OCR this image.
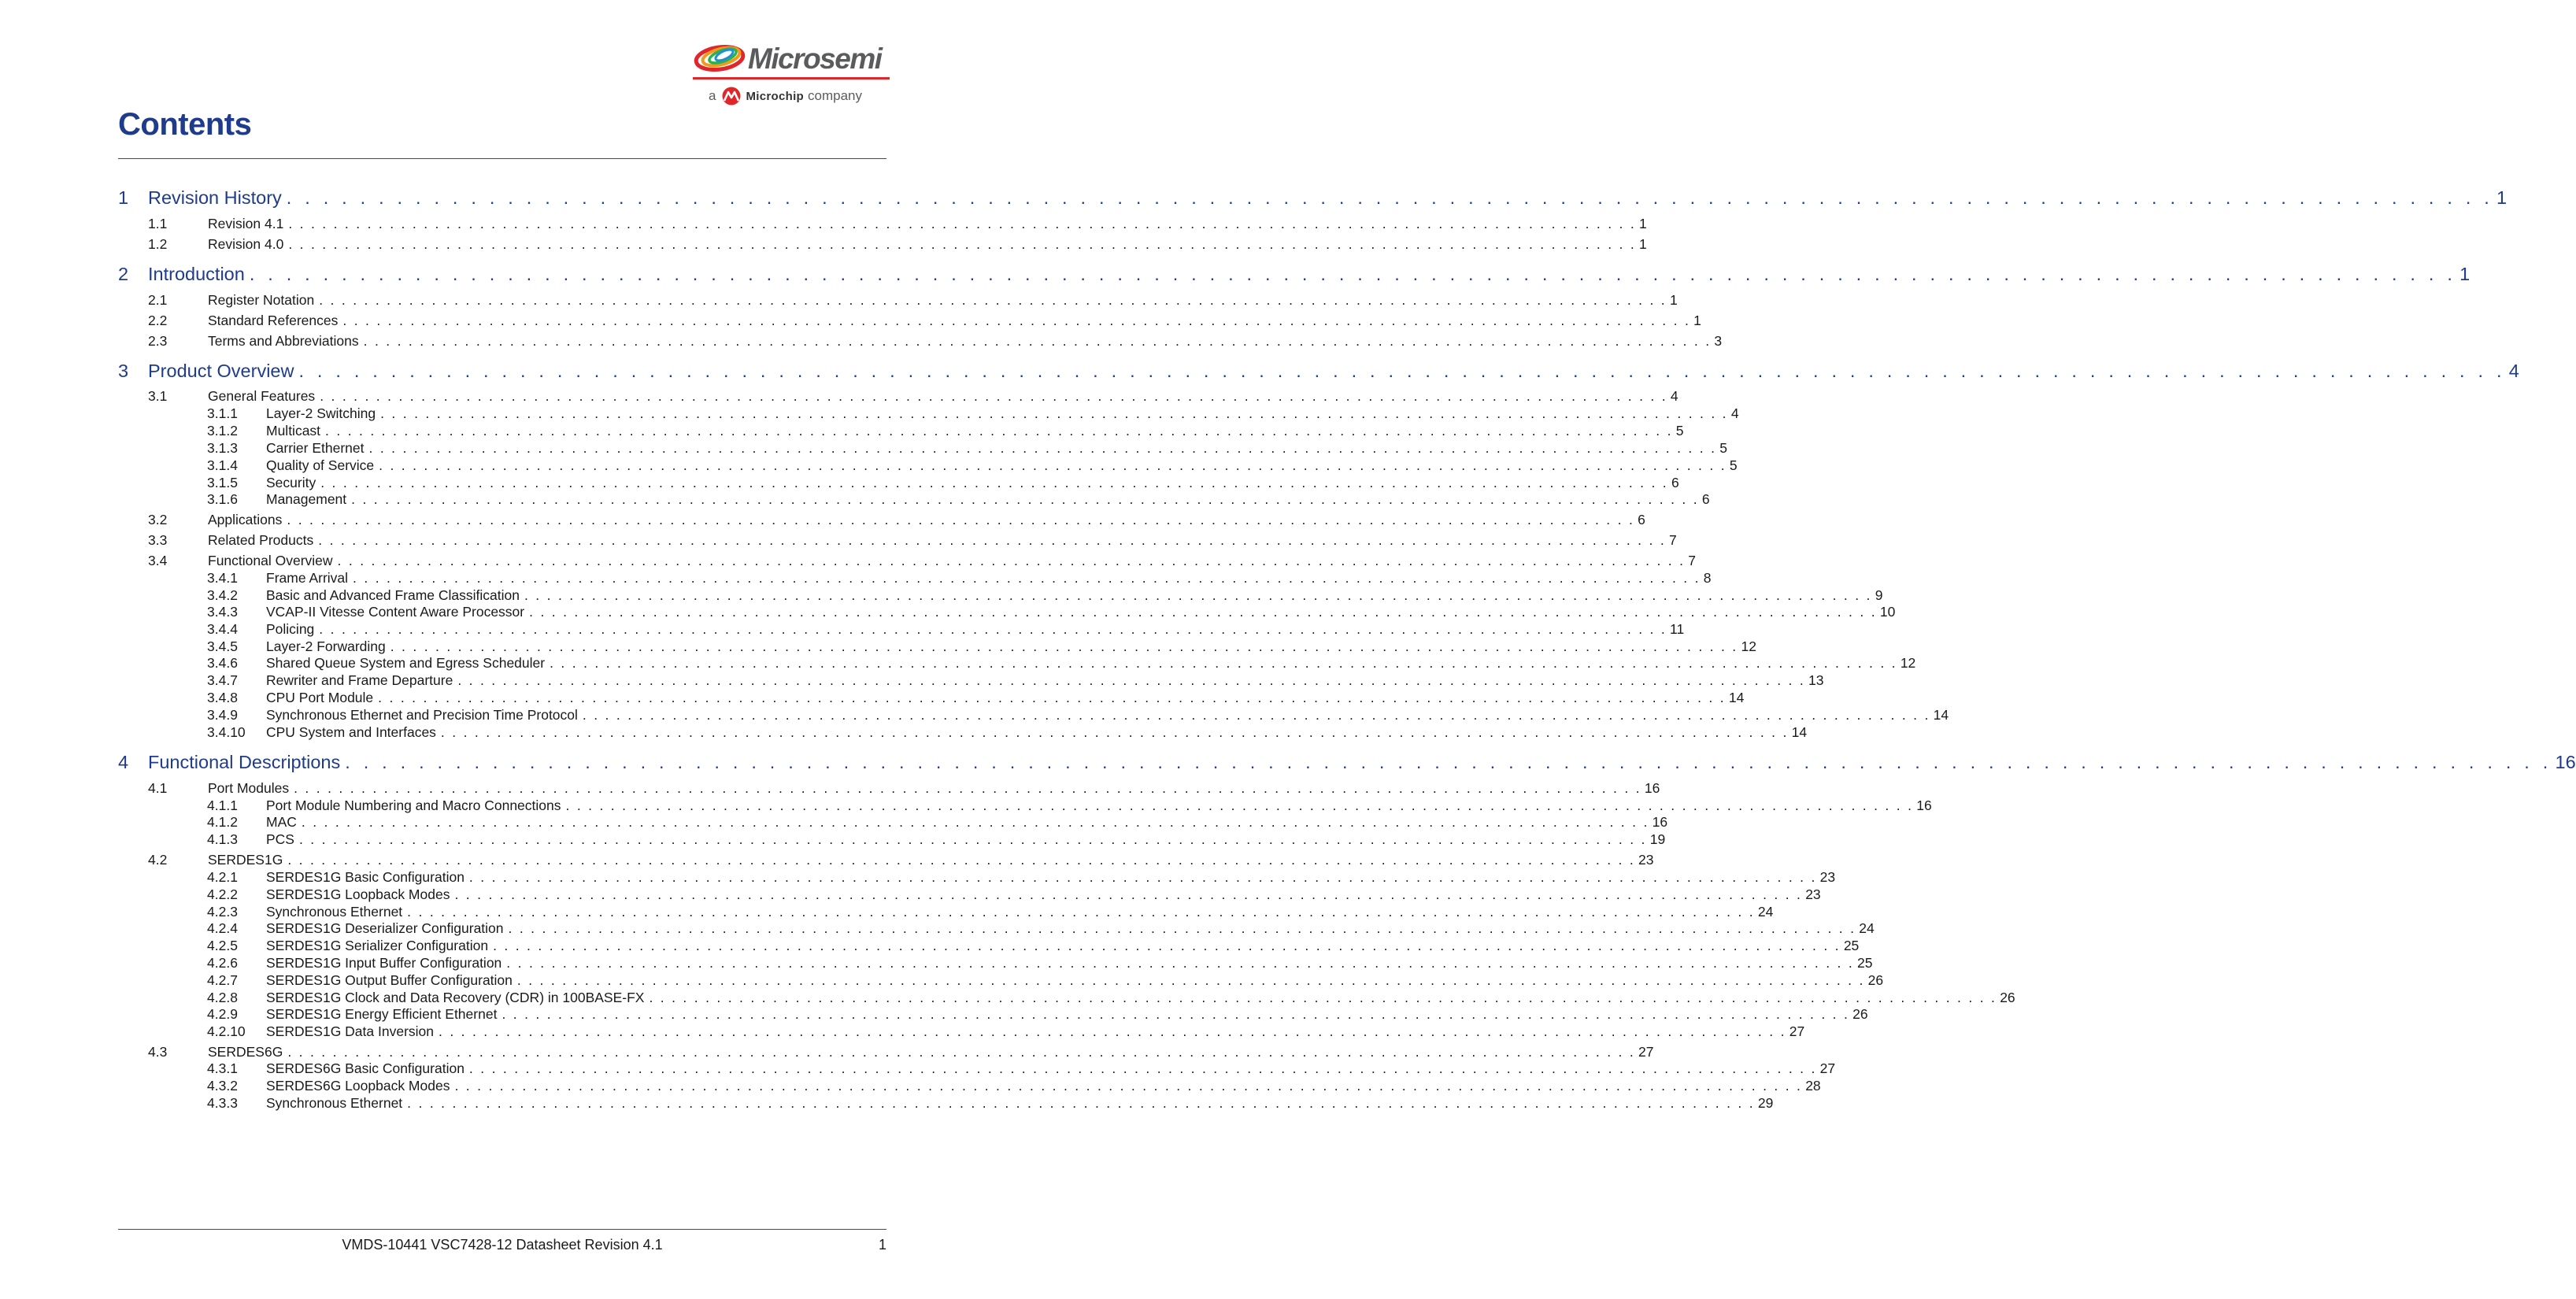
Microsemi
a	Microchip company
Contents
1	Revision History . . . . . . . . . . . . . . . . . . . . . . . . . . . . . . . . . . . . . . . . . . . . . . . . . . . . . . . . . . . . . . . . . . . . . . . . . . . . . . . . . . . . . . . . . . . . . . . . . . . . . . . . . . . . . . . . . . . . . . . . 1
1.1	Revision 4.1 . . . . . . . . . . . . . . . . . . . . . . . . . . . . . . . . . . . . . . . . . . . . . . . . . . . . . . . . . . . . . . . . . . . . . . . . . . . . . . . . . . . . . . . . . . . . . . . . . . . . . . . . . . . . . . . . . . . . . . . . 1
1.2	Revision 4.0 . . . . . . . . . . . . . . . . . . . . . . . . . . . . . . . . . . . . . . . . . . . . . . . . . . . . . . . . . . . . . . . . . . . . . . . . . . . . . . . . . . . . . . . . . . . . . . . . . . . . . . . . . . . . . . . . . . . . . . . . 1
2	Introduction . . . . . . . . . . . . . . . . . . . . . . . . . . . . . . . . . . . . . . . . . . . . . . . . . . . . . . . . . . . . . . . . . . . . . . . . . . . . . . . . . . . . . . . . . . . . . . . . . . . . . . . . . . . . . . . . . . . . . . . . 1
2.1	Register Notation . . . . . . . . . . . . . . . . . . . . . . . . . . . . . . . . . . . . . . . . . . . . . . . . . . . . . . . . . . . . . . . . . . . . . . . . . . . . . . . . . . . . . . . . . . . . . . . . . . . . . . . . . . . . . . . . . . . . . . . . 1
2.2	Standard References . . . . . . . . . . . . . . . . . . . . . . . . . . . . . . . . . . . . . . . . . . . . . . . . . . . . . . . . . . . . . . . . . . . . . . . . . . . . . . . . . . . . . . . . . . . . . . . . . . . . . . . . . . . . . . . . . . . . . . . . 1
2.3	Terms and Abbreviations . . . . . . . . . . . . . . . . . . . . . . . . . . . . . . . . . . . . . . . . . . . . . . . . . . . . . . . . . . . . . . . . . . . . . . . . . . . . . . . . . . . . . . . . . . . . . . . . . . . . . . . . . . . . . . . . . . . . . . . . 3
3	Product Overview . . . . . . . . . . . . . . . . . . . . . . . . . . . . . . . . . . . . . . . . . . . . . . . . . . . . . . . . . . . . . . . . . . . . . . . . . . . . . . . . . . . . . . . . . . . . . . . . . . . . . . . . . . . . . . . . . . . . . . . . 4
3.1	General Features . . . . . . . . . . . . . . . . . . . . . . . . . . . . . . . . . . . . . . . . . . . . . . . . . . . . . . . . . . . . . . . . . . . . . . . . . . . . . . . . . . . . . . . . . . . . . . . . . . . . . . . . . . . . . . . . . . . . . . . . 4
3.1.1	Layer-2 Switching . . . . . . . . . . . . . . . . . . . . . . . . . . . . . . . . . . . . . . . . . . . . . . . . . . . . . . . . . . . . . . . . . . . . . . . . . . . . . . . . . . . . . . . . . . . . . . . . . . . . . . . . . . . . . . . . . . . . . . . . 4
3.1.2	Multicast . . . . . . . . . . . . . . . . . . . . . . . . . . . . . . . . . . . . . . . . . . . . . . . . . . . . . . . . . . . . . . . . . . . . . . . . . . . . . . . . . . . . . . . . . . . . . . . . . . . . . . . . . . . . . . . . . . . . . . . . 5
3.1.3	Carrier Ethernet . . . . . . . . . . . . . . . . . . . . . . . . . . . . . . . . . . . . . . . . . . . . . . . . . . . . . . . . . . . . . . . . . . . . . . . . . . . . . . . . . . . . . . . . . . . . . . . . . . . . . . . . . . . . . . . . . . . . . . . . 5
3.1.4	Quality of Service . . . . . . . . . . . . . . . . . . . . . . . . . . . . . . . . . . . . . . . . . . . . . . . . . . . . . . . . . . . . . . . . . . . . . . . . . . . . . . . . . . . . . . . . . . . . . . . . . . . . . . . . . . . . . . . . . . . . . . . . 5
3.1.5	Security . . . . . . . . . . . . . . . . . . . . . . . . . . . . . . . . . . . . . . . . . . . . . . . . . . . . . . . . . . . . . . . . . . . . . . . . . . . . . . . . . . . . . . . . . . . . . . . . . . . . . . . . . . . . . . . . . . . . . . . . 6
3.1.6	Management . . . . . . . . . . . . . . . . . . . . . . . . . . . . . . . . . . . . . . . . . . . . . . . . . . . . . . . . . . . . . . . . . . . . . . . . . . . . . . . . . . . . . . . . . . . . . . . . . . . . . . . . . . . . . . . . . . . . . . . . 6
3.2	Applications . . . . . . . . . . . . . . . . . . . . . . . . . . . . . . . . . . . . . . . . . . . . . . . . . . . . . . . . . . . . . . . . . . . . . . . . . . . . . . . . . . . . . . . . . . . . . . . . . . . . . . . . . . . . . . . . . . . . . . . . 6
3.3	Related Products . . . . . . . . . . . . . . . . . . . . . . . . . . . . . . . . . . . . . . . . . . . . . . . . . . . . . . . . . . . . . . . . . . . . . . . . . . . . . . . . . . . . . . . . . . . . . . . . . . . . . . . . . . . . . . . . . . . . . . . . 7
3.4	Functional Overview . . . . . . . . . . . . . . . . . . . . . . . . . . . . . . . . . . . . . . . . . . . . . . . . . . . . . . . . . . . . . . . . . . . . . . . . . . . . . . . . . . . . . . . . . . . . . . . . . . . . . . . . . . . . . . . . . . . . . . . . 7
3.4.1	Frame Arrival . . . . . . . . . . . . . . . . . . . . . . . . . . . . . . . . . . . . . . . . . . . . . . . . . . . . . . . . . . . . . . . . . . . . . . . . . . . . . . . . . . . . . . . . . . . . . . . . . . . . . . . . . . . . . . . . . . . . . . . . 8
3.4.2	Basic and Advanced Frame Classification . . . . . . . . . . . . . . . . . . . . . . . . . . . . . . . . . . . . . . . . . . . . . . . . . . . . . . . . . . . . . . . . . . . . . . . . . . . . . . . . . . . . . . . . . . . . . . . . . . . . . . . . . . . . . . . . . . . . . . . . 9
3.4.3	VCAP-II Vitesse Content Aware Processor . . . . . . . . . . . . . . . . . . . . . . . . . . . . . . . . . . . . . . . . . . . . . . . . . . . . . . . . . . . . . . . . . . . . . . . . . . . . . . . . . . . . . . . . . . . . . . . . . . . . . . . . . . . . . . . . . . . . . . . . 10
3.4.4	Policing . . . . . . . . . . . . . . . . . . . . . . . . . . . . . . . . . . . . . . . . . . . . . . . . . . . . . . . . . . . . . . . . . . . . . . . . . . . . . . . . . . . . . . . . . . . . . . . . . . . . . . . . . . . . . . . . . . . . . . . . 11
3.4.5	Layer-2 Forwarding . . . . . . . . . . . . . . . . . . . . . . . . . . . . . . . . . . . . . . . . . . . . . . . . . . . . . . . . . . . . . . . . . . . . . . . . . . . . . . . . . . . . . . . . . . . . . . . . . . . . . . . . . . . . . . . . . . . . . . . . 12
3.4.6	Shared Queue System and Egress Scheduler . . . . . . . . . . . . . . . . . . . . . . . . . . . . . . . . . . . . . . . . . . . . . . . . . . . . . . . . . . . . . . . . . . . . . . . . . . . . . . . . . . . . . . . . . . . . . . . . . . . . . . . . . . . . . . . . . . . . . . . . 12
3.4.7	Rewriter and Frame Departure . . . . . . . . . . . . . . . . . . . . . . . . . . . . . . . . . . . . . . . . . . . . . . . . . . . . . . . . . . . . . . . . . . . . . . . . . . . . . . . . . . . . . . . . . . . . . . . . . . . . . . . . . . . . . . . . . . . . . . . . 13
3.4.8	CPU Port Module . . . . . . . . . . . . . . . . . . . . . . . . . . . . . . . . . . . . . . . . . . . . . . . . . . . . . . . . . . . . . . . . . . . . . . . . . . . . . . . . . . . . . . . . . . . . . . . . . . . . . . . . . . . . . . . . . . . . . . . . 14
3.4.9	Synchronous Ethernet and Precision Time Protocol . . . . . . . . . . . . . . . . . . . . . . . . . . . . . . . . . . . . . . . . . . . . . . . . . . . . . . . . . . . . . . . . . . . . . . . . . . . . . . . . . . . . . . . . . . . . . . . . . . . . . . . . . . . . . . . . . . . . . . . . 14
3.4.10	CPU System and Interfaces . . . . . . . . . . . . . . . . . . . . . . . . . . . . . . . . . . . . . . . . . . . . . . . . . . . . . . . . . . . . . . . . . . . . . . . . . . . . . . . . . . . . . . . . . . . . . . . . . . . . . . . . . . . . . . . . . . . . . . . . 14
4	Functional Descriptions . . . . . . . . . . . . . . . . . . . . . . . . . . . . . . . . . . . . . . . . . . . . . . . . . . . . . . . . . . . . . . . . . . . . . . . . . . . . . . . . . . . . . . . . . . . . . . . . . . . . . . . . . . . . . . . . . . . . . . . . 16
4.1	Port Modules . . . . . . . . . . . . . . . . . . . . . . . . . . . . . . . . . . . . . . . . . . . . . . . . . . . . . . . . . . . . . . . . . . . . . . . . . . . . . . . . . . . . . . . . . . . . . . . . . . . . . . . . . . . . . . . . . . . . . . . . 16
4.1.1	Port Module Numbering and Macro Connections . . . . . . . . . . . . . . . . . . . . . . . . . . . . . . . . . . . . . . . . . . . . . . . . . . . . . . . . . . . . . . . . . . . . . . . . . . . . . . . . . . . . . . . . . . . . . . . . . . . . . . . . . . . . . . . . . . . . . . . . 16
4.1.2	MAC . . . . . . . . . . . . . . . . . . . . . . . . . . . . . . . . . . . . . . . . . . . . . . . . . . . . . . . . . . . . . . . . . . . . . . . . . . . . . . . . . . . . . . . . . . . . . . . . . . . . . . . . . . . . . . . . . . . . . . . . 16
4.1.3	PCS . . . . . . . . . . . . . . . . . . . . . . . . . . . . . . . . . . . . . . . . . . . . . . . . . . . . . . . . . . . . . . . . . . . . . . . . . . . . . . . . . . . . . . . . . . . . . . . . . . . . . . . . . . . . . . . . . . . . . . . . 19
4.2	SERDES1G . . . . . . . . . . . . . . . . . . . . . . . . . . . . . . . . . . . . . . . . . . . . . . . . . . . . . . . . . . . . . . . . . . . . . . . . . . . . . . . . . . . . . . . . . . . . . . . . . . . . . . . . . . . . . . . . . . . . . . . . 23
4.2.1	SERDES1G Basic Configuration . . . . . . . . . . . . . . . . . . . . . . . . . . . . . . . . . . . . . . . . . . . . . . . . . . . . . . . . . . . . . . . . . . . . . . . . . . . . . . . . . . . . . . . . . . . . . . . . . . . . . . . . . . . . . . . . . . . . . . . . 23
4.2.2	SERDES1G Loopback Modes . . . . . . . . . . . . . . . . . . . . . . . . . . . . . . . . . . . . . . . . . . . . . . . . . . . . . . . . . . . . . . . . . . . . . . . . . . . . . . . . . . . . . . . . . . . . . . . . . . . . . . . . . . . . . . . . . . . . . . . . 23
4.2.3	Synchronous Ethernet . . . . . . . . . . . . . . . . . . . . . . . . . . . . . . . . . . . . . . . . . . . . . . . . . . . . . . . . . . . . . . . . . . . . . . . . . . . . . . . . . . . . . . . . . . . . . . . . . . . . . . . . . . . . . . . . . . . . . . . . 24
4.2.4	SERDES1G Deserializer Configuration . . . . . . . . . . . . . . . . . . . . . . . . . . . . . . . . . . . . . . . . . . . . . . . . . . . . . . . . . . . . . . . . . . . . . . . . . . . . . . . . . . . . . . . . . . . . . . . . . . . . . . . . . . . . . . . . . . . . . . . . 24
4.2.5	SERDES1G Serializer Configuration . . . . . . . . . . . . . . . . . . . . . . . . . . . . . . . . . . . . . . . . . . . . . . . . . . . . . . . . . . . . . . . . . . . . . . . . . . . . . . . . . . . . . . . . . . . . . . . . . . . . . . . . . . . . . . . . . . . . . . . . 25
4.2.6	SERDES1G Input Buffer Configuration . . . . . . . . . . . . . . . . . . . . . . . . . . . . . . . . . . . . . . . . . . . . . . . . . . . . . . . . . . . . . . . . . . . . . . . . . . . . . . . . . . . . . . . . . . . . . . . . . . . . . . . . . . . . . . . . . . . . . . . . 25
4.2.7	SERDES1G Output Buffer Configuration . . . . . . . . . . . . . . . . . . . . . . . . . . . . . . . . . . . . . . . . . . . . . . . . . . . . . . . . . . . . . . . . . . . . . . . . . . . . . . . . . . . . . . . . . . . . . . . . . . . . . . . . . . . . . . . . . . . . . . . . 26
4.2.8	SERDES1G Clock and Data Recovery (CDR) in 100BASE-FX . . . . . . . . . . . . . . . . . . . . . . . . . . . . . . . . . . . . . . . . . . . . . . . . . . . . . . . . . . . . . . . . . . . . . . . . . . . . . . . . . . . . . . . . . . . . . . . . . . . . . . . . . . . . . . . . . . . . . . . . 26
4.2.9	SERDES1G Energy Efficient Ethernet . . . . . . . . . . . . . . . . . . . . . . . . . . . . . . . . . . . . . . . . . . . . . . . . . . . . . . . . . . . . . . . . . . . . . . . . . . . . . . . . . . . . . . . . . . . . . . . . . . . . . . . . . . . . . . . . . . . . . . . . 26
4.2.10	SERDES1G Data Inversion . . . . . . . . . . . . . . . . . . . . . . . . . . . . . . . . . . . . . . . . . . . . . . . . . . . . . . . . . . . . . . . . . . . . . . . . . . . . . . . . . . . . . . . . . . . . . . . . . . . . . . . . . . . . . . . . . . . . . . . . 27
4.3	SERDES6G . . . . . . . . . . . . . . . . . . . . . . . . . . . . . . . . . . . . . . . . . . . . . . . . . . . . . . . . . . . . . . . . . . . . . . . . . . . . . . . . . . . . . . . . . . . . . . . . . . . . . . . . . . . . . . . . . . . . . . . . 27
4.3.1	SERDES6G Basic Configuration . . . . . . . . . . . . . . . . . . . . . . . . . . . . . . . . . . . . . . . . . . . . . . . . . . . . . . . . . . . . . . . . . . . . . . . . . . . . . . . . . . . . . . . . . . . . . . . . . . . . . . . . . . . . . . . . . . . . . . . . 27
4.3.2	SERDES6G Loopback Modes . . . . . . . . . . . . . . . . . . . . . . . . . . . . . . . . . . . . . . . . . . . . . . . . . . . . . . . . . . . . . . . . . . . . . . . . . . . . . . . . . . . . . . . . . . . . . . . . . . . . . . . . . . . . . . . . . . . . . . . . 28
4.3.3	Synchronous Ethernet . . . . . . . . . . . . . . . . . . . . . . . . . . . . . . . . . . . . . . . . . . . . . . . . . . . . . . . . . . . . . . . . . . . . . . . . . . . . . . . . . . . . . . . . . . . . . . . . . . . . . . . . . . . . . . . . . . . . . . . . 29
VMDS-10441 VSC7428-12 Datasheet Revision 4.1	1
